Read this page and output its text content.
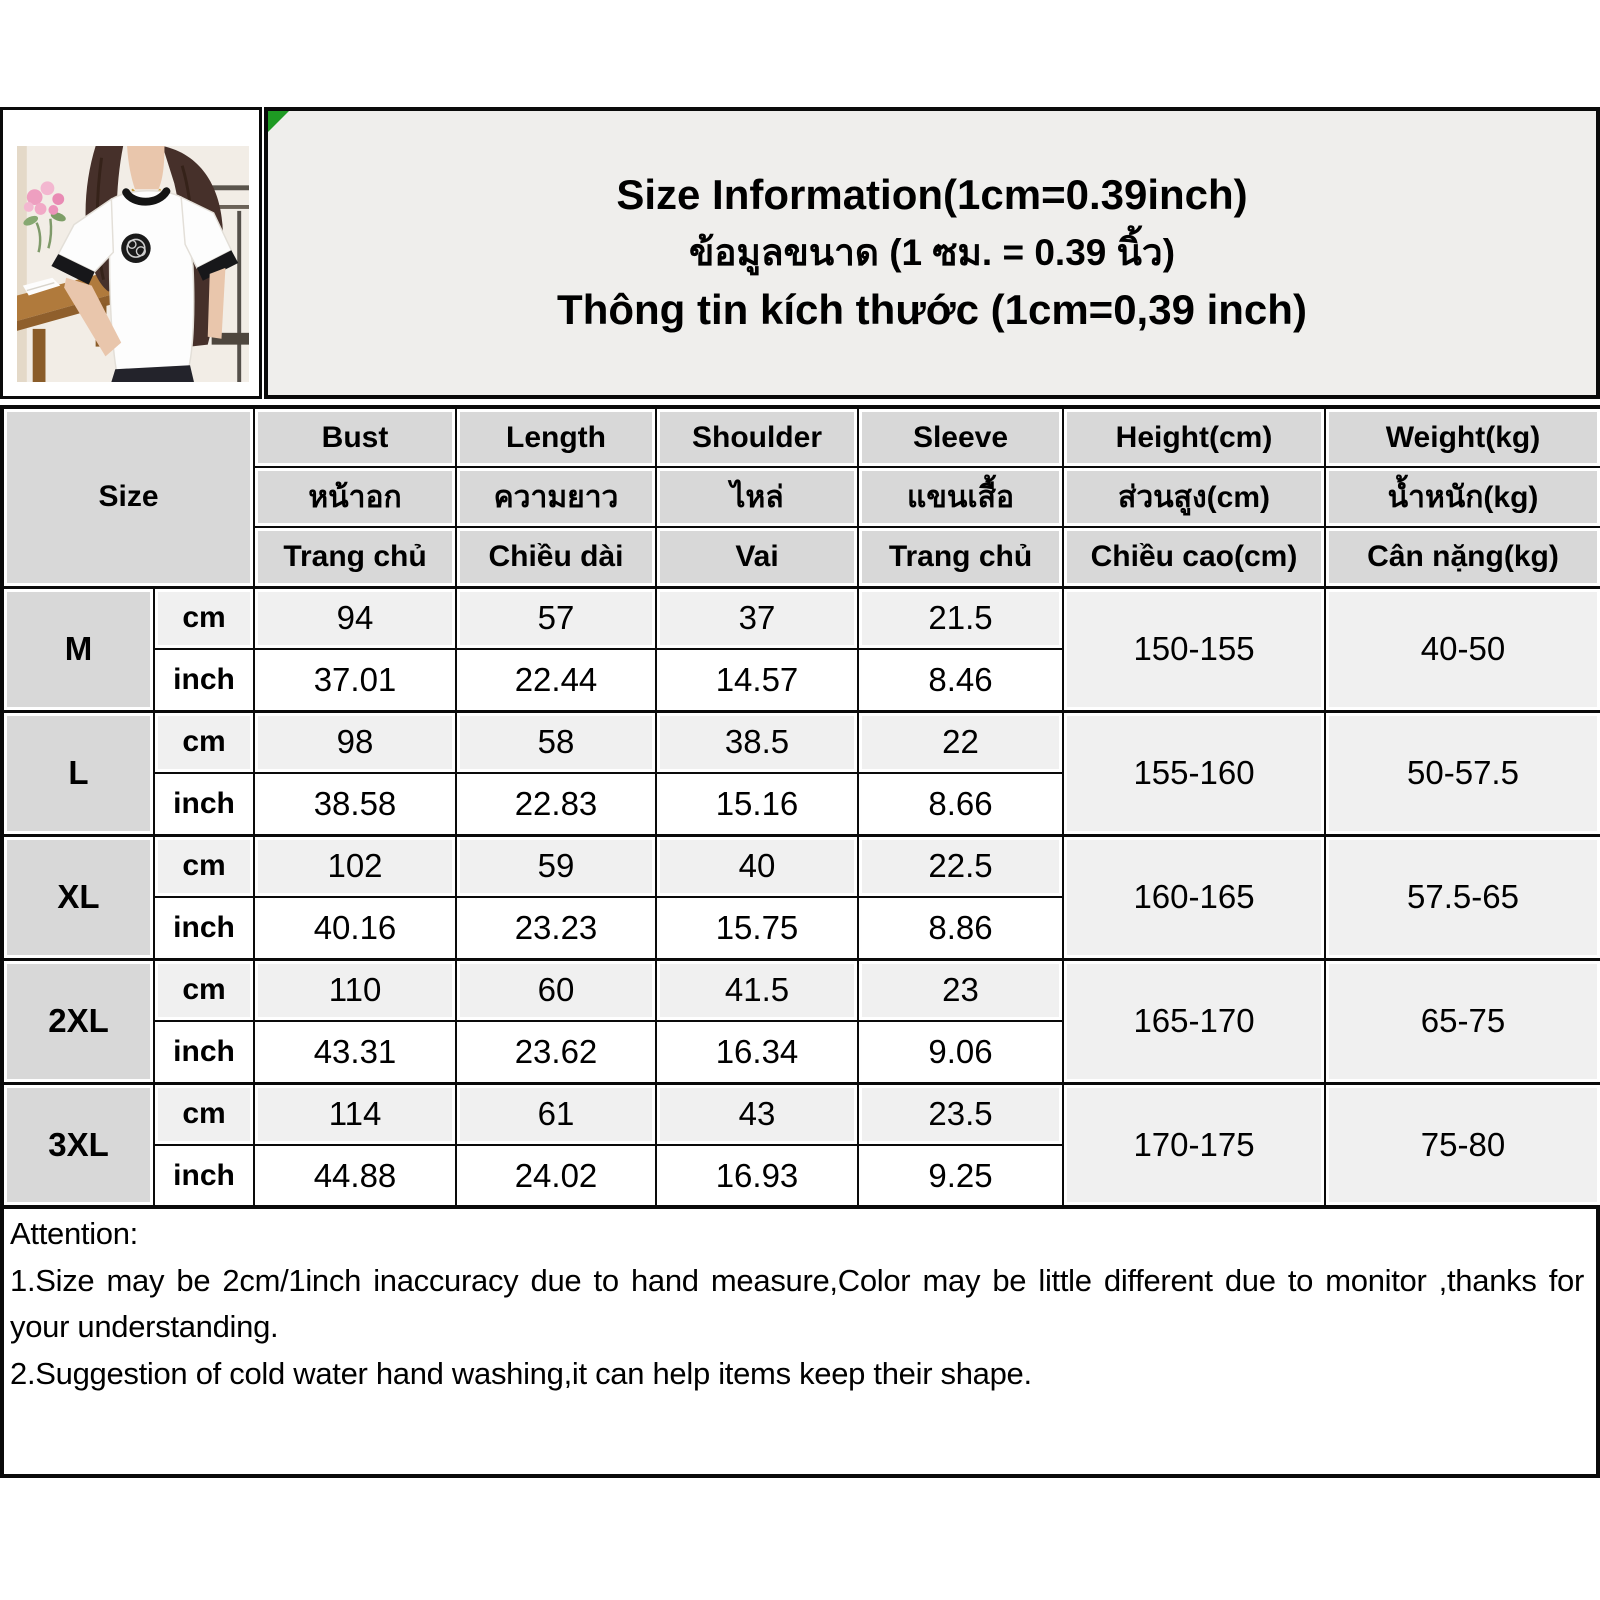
Size Information(1cm=0.39inch)
ข้อมูลขนาด (1 ซม. = 0.39 นิ้ว)
Thông tin kích thước (1cm=0,39 inch)
Size		Bust	Length	Shoulder	Sleeve	Height(cm)	Weight(kg)
		หน้าอก	ความยาว	ไหล่	แขนเสื้อ	ส่วนสูง(cm)	น้ำหนัก(kg)
		Trang chủ	Chiều dài	Vai	Trang chủ	Chiều cao(cm)	Cân nặng(kg)
M	cm	94	57	37	21.5	150-155	40-50
	inch	37.01	22.44	14.57	8.46		
L	cm	98	58	38.5	22	155-160	50-57.5
	inch	38.58	22.83	15.16	8.66		
XL	cm	102	59	40	22.5	160-165	57.5-65
	inch	40.16	23.23	15.75	8.86		
2XL	cm	110	60	41.5	23	165-170	65-75
	inch	43.31	23.62	16.34	9.06		
3XL	cm	114	61	43	23.5	170-175	75-80
	inch	44.88	24.02	16.93	9.25		

Attention:

1.Size may be 2cm/1inch inaccuracy due to hand measure,Color may be little different due to monitor ,thanks for your understanding.

2.Suggestion of cold water hand washing,it can help items keep their shape.
